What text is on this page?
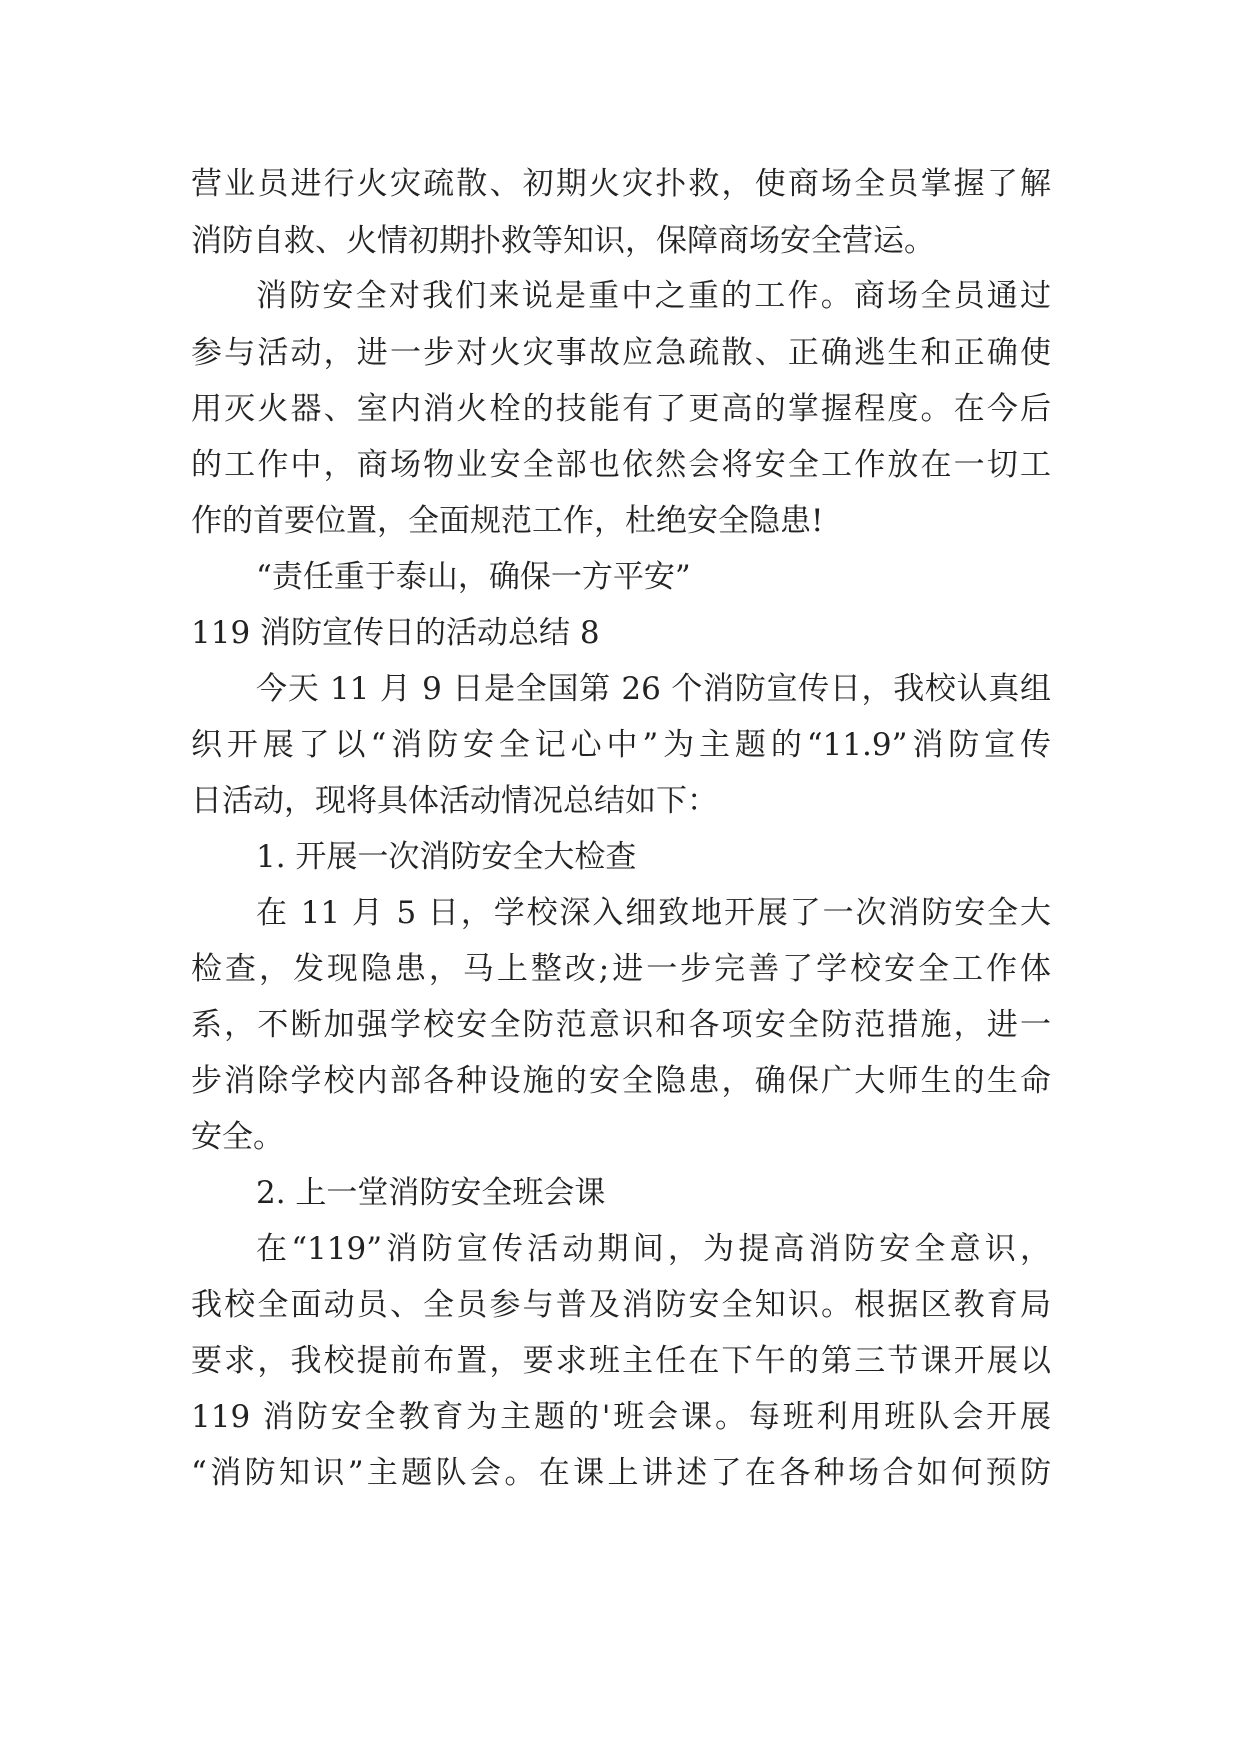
营业员进行火灾疏散、初期火灾扑救，使商场全员掌握了解
消防自救、火情初期扑救等知识，保障商场安全营运。
消防安全对我们来说是重中之重的工作。商场全员通过
参与活动，进一步对火灾事故应急疏散、正确逃生和正确使
用灭火器、室内消火栓的技能有了更高的掌握程度。在今后
的工作中，商场物业安全部也依然会将安全工作放在一切工
作的首要位置，全面规范工作，杜绝安全隐患!
“责任重于泰山，确保一方平安”
119 消防宣传日的活动总结 8
今天 11 月 9 日是全国第 26 个消防宣传日，我校认真组
织开展了以“消防安全记心中”为主题的“11.9”消防宣传
日活动，现将具体活动情况总结如下：
1. 开展一次消防安全大检查
在 11 月 5 日，学校深入细致地开展了一次消防安全大
检查，发现隐患，马上整改;进一步完善了学校安全工作体
系，不断加强学校安全防范意识和各项安全防范措施，进一
步消除学校内部各种设施的安全隐患，确保广大师生的生命
安全。
2. 上一堂消防安全班会课
在“119”消防宣传活动期间，为提高消防安全意识，
我校全面动员、全员参与普及消防安全知识。根据区教育局
要求，我校提前布置，要求班主任在下午的第三节课开展以
119 消防安全教育为主题的'班会课。每班利用班队会开展
“消防知识”主题队会。在课上讲述了在各种场合如何预防
